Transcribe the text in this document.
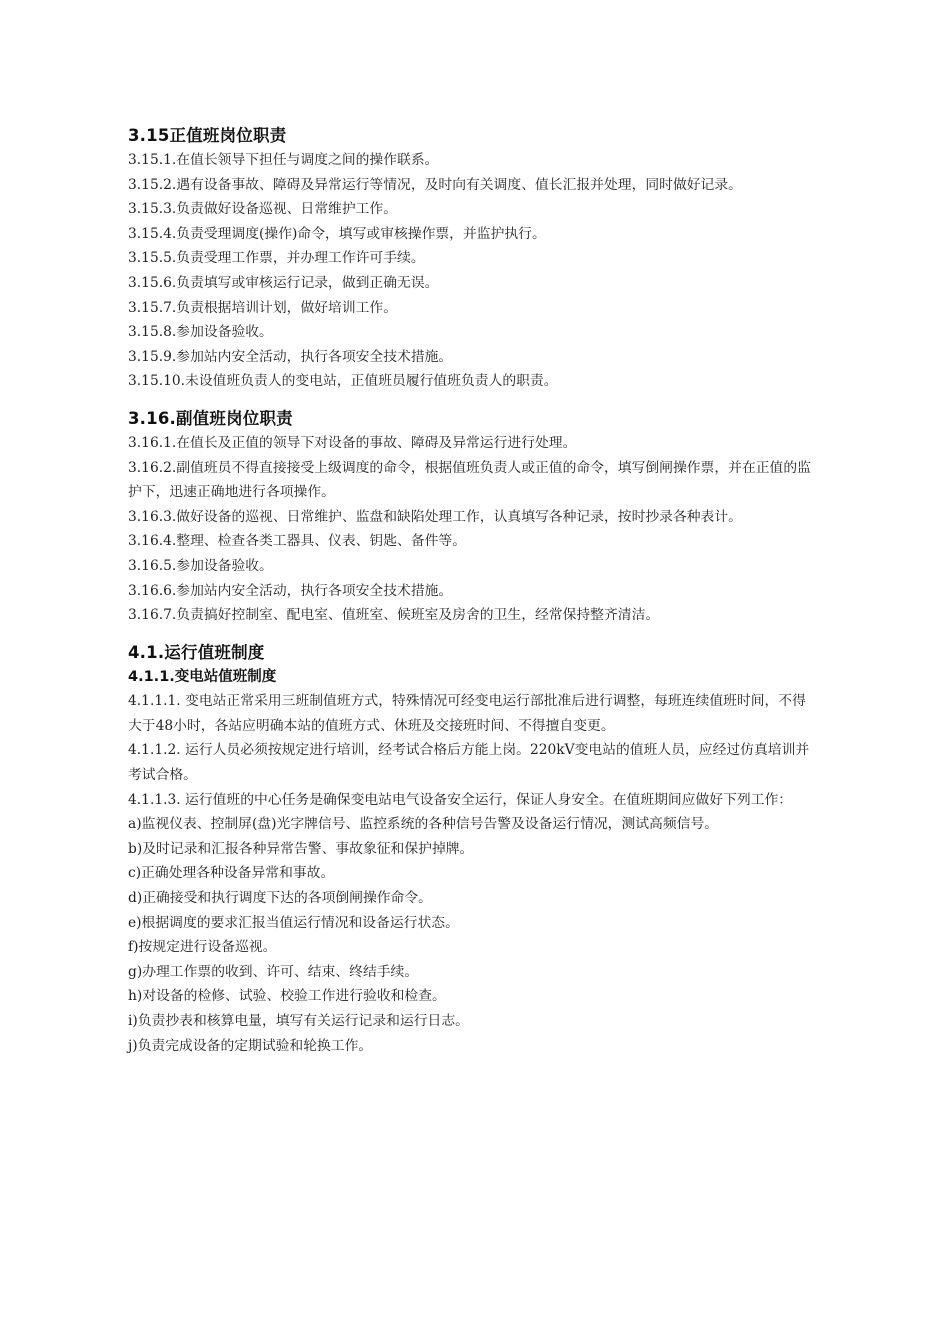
3.15正值班岗位职责

3.15.1.在值长领导下担任与调度之间的操作联系。

3.15.2.遇有设备事故、障碍及异常运行等情况，及时向有关调度、值长汇报并处理，同时做好记录。

3.15.3.负责做好设备巡视、日常维护工作。

3.15.4.负责受理调度(操作)命令，填写或审核操作票，并监护执行。

3.15.5.负责受理工作票，并办理工作许可手续。

3.15.6.负责填写或审核运行记录，做到正确无误。

3.15.7.负责根据培训计划，做好培训工作。

3.15.8.参加设备验收。

3.15.9.参加站内安全活动，执行各项安全技术措施。

3.15.10.未设值班负责人的变电站，正值班员履行值班负责人的职责。

3.16.副值班岗位职责

3.16.1.在值长及正值的领导下对设备的事故、障碍及异常运行进行处理。

3.16.2.副值班员不得直接接受上级调度的命令，根据值班负责人或正值的命令，填写倒闸操作票，并在正值的监护下，迅速正确地进行各项操作。

3.16.3.做好设备的巡视、日常维护、监盘和缺陷处理工作，认真填写各种记录，按时抄录各种表计。

3.16.4.整理、检查各类工器具、仪表、钥匙、备件等。

3.16.5.参加设备验收。

3.16.6.参加站内安全活动，执行各项安全技术措施。

3.16.7.负责搞好控制室、配电室、值班室、候班室及房舍的卫生，经常保持整齐清洁。

4.1.运行值班制度
4.1.1.变电站值班制度

4.1.1.1. 变电站正常采用三班制值班方式，特殊情况可经变电运行部批准后进行调整，每班连续值班时间，不得大于48小时，各站应明确本站的值班方式、休班及交接班时间、不得擅自变更。

4.1.1.2. 运行人员必须按规定进行培训，经考试合格后方能上岗。220kV变电站的值班人员，应经过仿真培训并考试合格。

4.1.1.3. 运行值班的中心任务是确保变电站电气设备安全运行，保证人身安全。在值班期间应做好下列工作：

a)监视仪表、控制屏(盘)光字牌信号、监控系统的各种信号告警及设备运行情况，测试高频信号。

b)及时记录和汇报各种异常告警、事故象征和保护掉牌。

c)正确处理各种设备异常和事故。

d)正确接受和执行调度下达的各项倒闸操作命令。

e)根据调度的要求汇报当值运行情况和设备运行状态。

f)按规定进行设备巡视。

g)办理工作票的收到、许可、结束、终结手续。

h)对设备的检修、试验、校验工作进行验收和检查。

i)负责抄表和核算电量，填写有关运行记录和运行日志。

j)负责完成设备的定期试验和轮换工作。
